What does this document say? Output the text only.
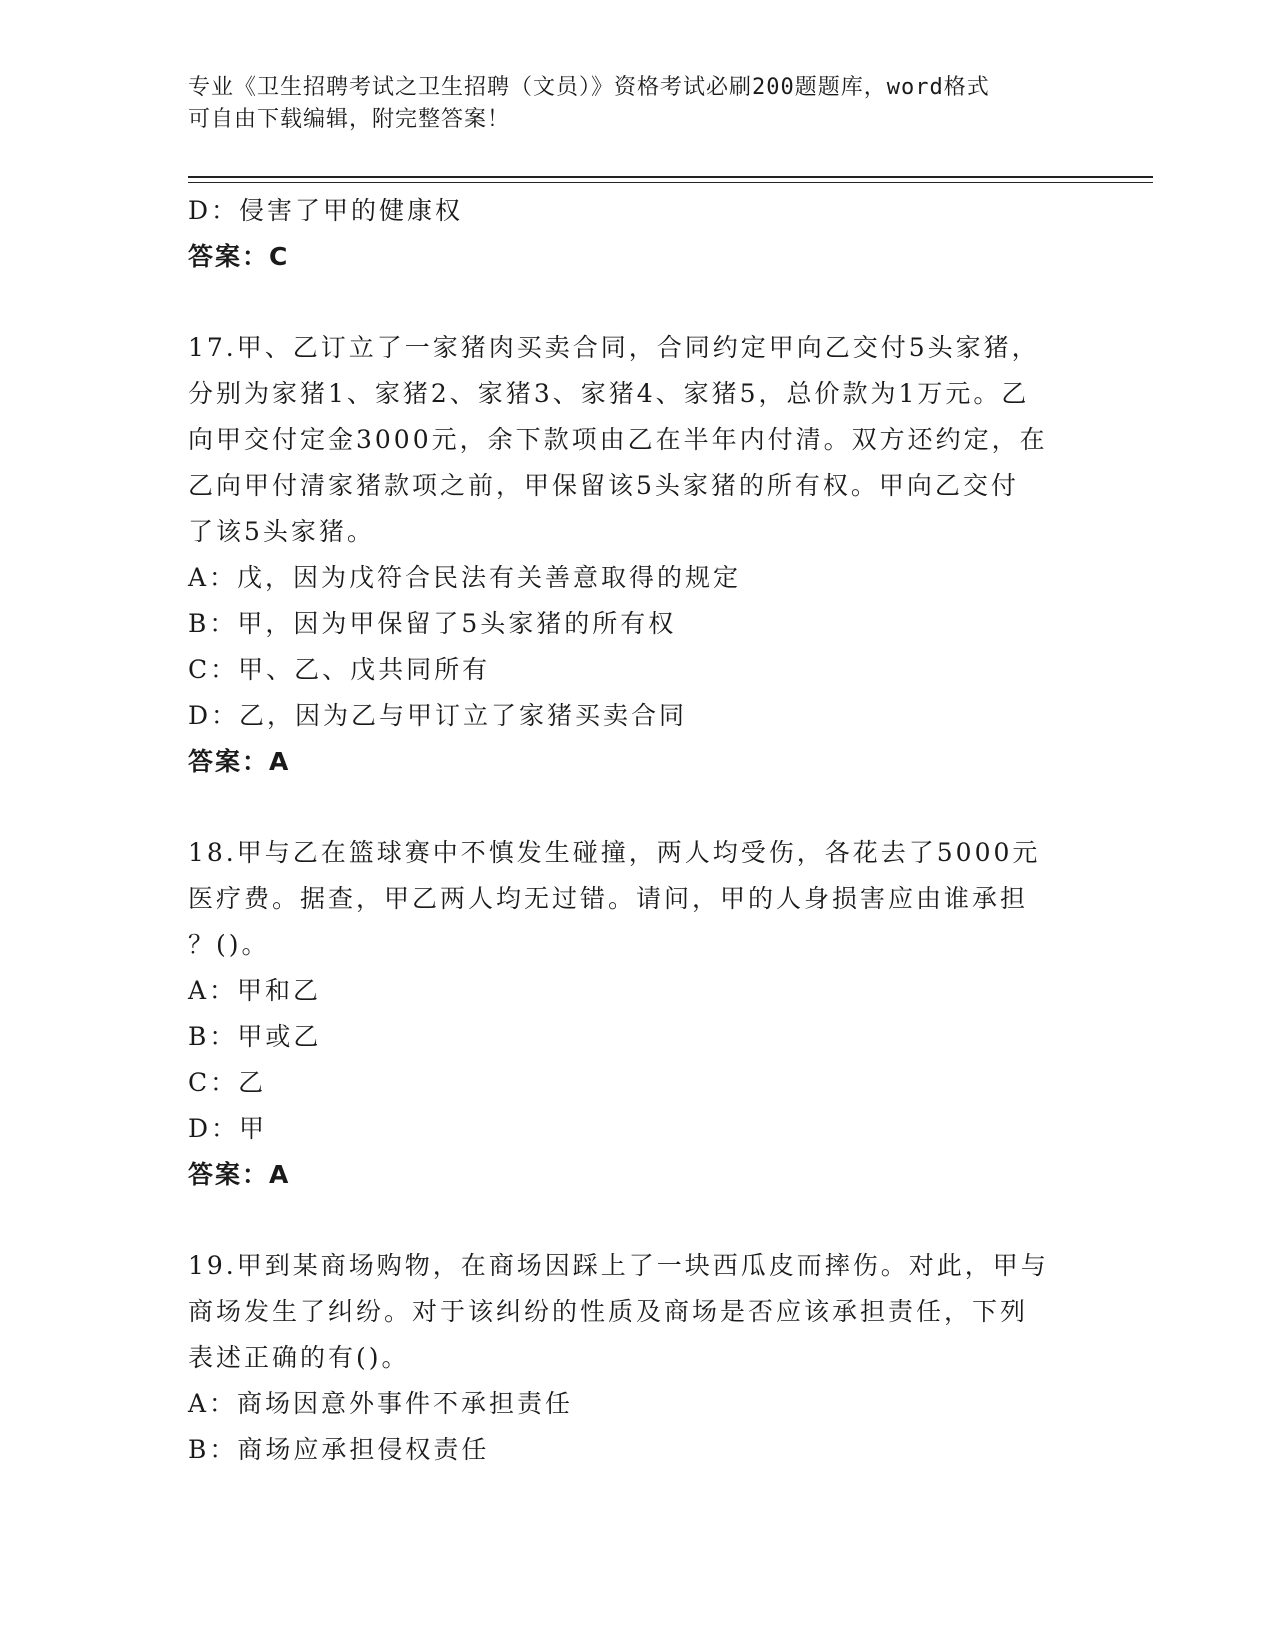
专业《卫生招聘考试之卫生招聘（文员）》资格考试必刷200题题库，word格式
可自由下载编辑，附完整答案！
D：侵害了甲的健康权
答案：C
17.甲、乙订立了一家猪肉买卖合同，合同约定甲向乙交付5头家猪，
分别为家猪1、家猪2、家猪3、家猪4、家猪5，总价款为1万元。乙
向甲交付定金3000元，余下款项由乙在半年内付清。双方还约定，在
乙向甲付清家猪款项之前，甲保留该5头家猪的所有权。甲向乙交付
了该5头家猪。
A：戊，因为戊符合民法有关善意取得的规定
B：甲，因为甲保留了5头家猪的所有权
C：甲、乙、戊共同所有
D：乙，因为乙与甲订立了家猪买卖合同
答案：A
18.甲与乙在篮球赛中不慎发生碰撞，两人均受伤，各花去了5000元
医疗费。据查，甲乙两人均无过错。请问，甲的人身损害应由谁承担
？()。
A：甲和乙
B：甲或乙
C：乙
D：甲
答案：A
19.甲到某商场购物，在商场因踩上了一块西瓜皮而摔伤。对此，甲与
商场发生了纠纷。对于该纠纷的性质及商场是否应该承担责任，下列
表述正确的有()。
A：商场因意外事件不承担责任
B：商场应承担侵权责任
